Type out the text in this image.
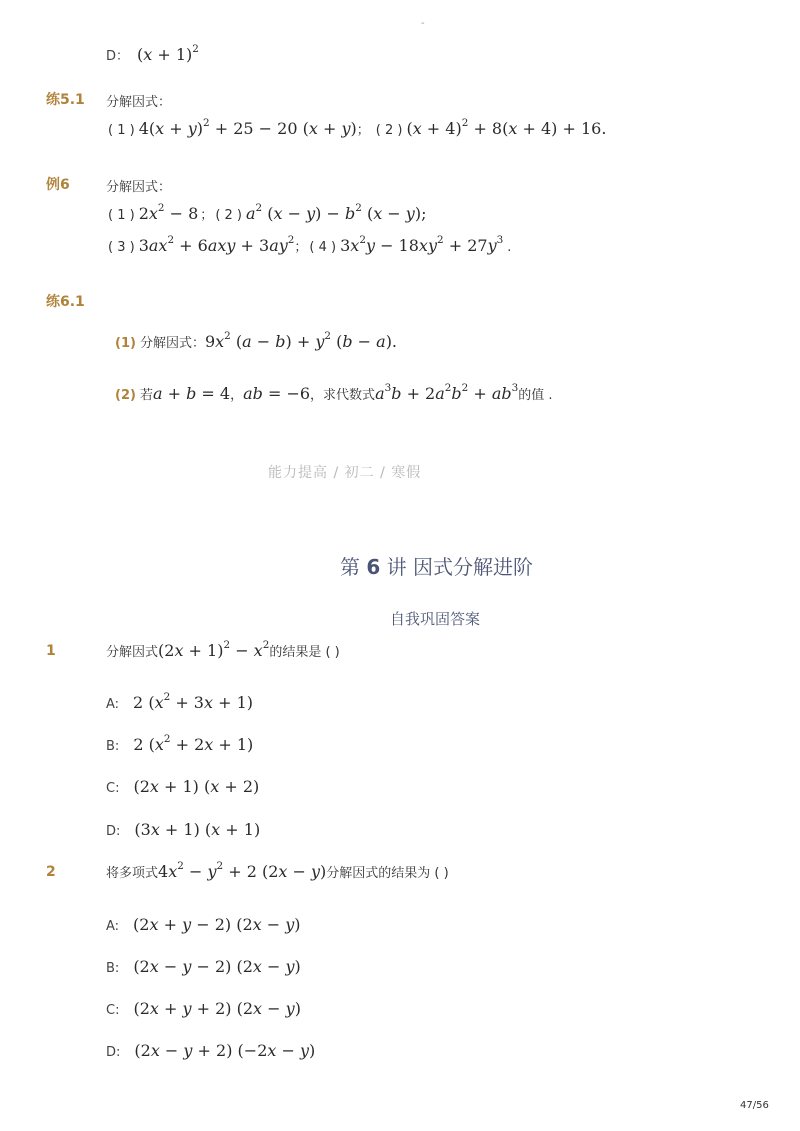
-
D： $(x + 1)^2$
练5.1 分解因式：
( 1 ) $4(x + y)^2 + 25 - 20$ (x + y) ； ( 2 ) $(x + 4)^2 + 8(x + 4) + 16$.
例6	分解因式：
( 1 ) $2x^2 - 8$ ； ( 2 ) $a^2$ $(x - y) - b^2$ (x − y);
( 3 ) $3ax^2 + 6axy + 3ay^2$ ； ( 4 ) $3x^2y - 18xy^2 + 27y^3$ .
练6.1
(1) 分解因式： $9x^2$ $(a - b) + y^2$ (b − a).
(2) 若 a + b = 4 ， ab = −6 ，求代数式 $a^3b + 2a^2b^2 + ab^3$ 的值 .
能力提高 / 初二 / 寒假
第 6 讲 因式分解进阶
自我巩固答案
1	分解因式 $(2x + 1)^2 - x^2$ 的结果是 ( )
A: 2 $(x^2 + 3x + 1)$
B: 2 $(x^2 + 2x + 1)$
C: (2x + 1) (x + 2)
D: (3x + 1) (x + 1)
2	将多项式 $4x^2 - y^2 + 2$ (2x − y) 分解因式的结果为 ( )
A: (2x + y − 2) (2x − y)
B: (2x − y − 2) (2x − y)
C: (2x + y + 2) (2x − y)
D: (2x − y + 2) (−2x − y)
47/56
